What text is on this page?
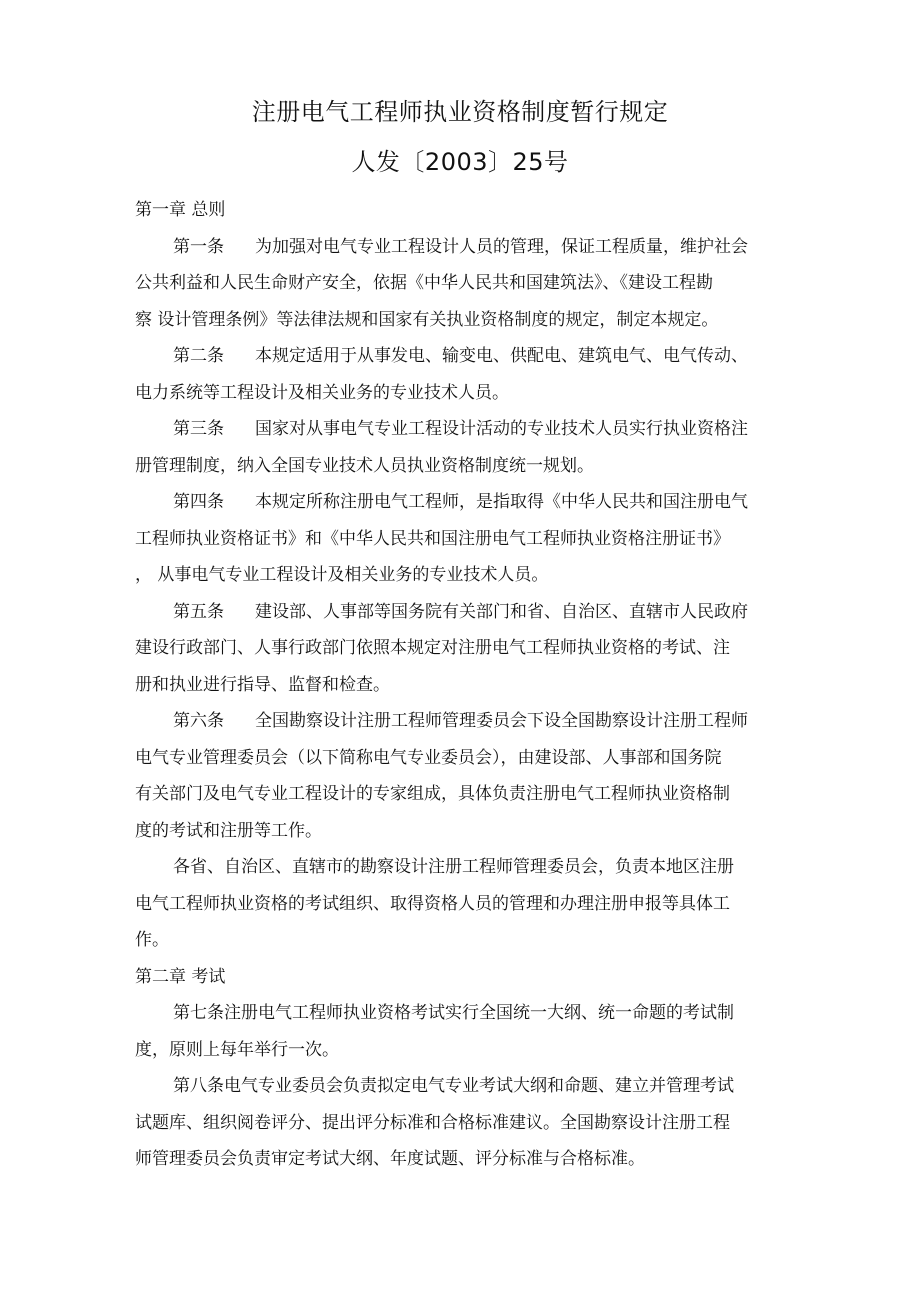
注册电气工程师执业资格制度暂行规定
人发〔2003〕25号
第一章 总则
第一条 为加强对电气专业工程设计人员的管理，保证工程质量，维护社会
公共利益和人民生命财产安全，依据《中华人民共和国建筑法》、《建设工程勘
察 设计管理条例》等法律法规和国家有关执业资格制度的规定，制定本规定。
第二条 本规定适用于从事发电、输变电、供配电、建筑电气、电气传动、
电力系统等工程设计及相关业务的专业技术人员。
第三条 国家对从事电气专业工程设计活动的专业技术人员实行执业资格注
册管理制度，纳入全国专业技术人员执业资格制度统一规划。
第四条 本规定所称注册电气工程师，是指取得《中华人民共和国注册电气
工程师执业资格证书》和《中华人民共和国注册电气工程师执业资格注册证书》
， 从事电气专业工程设计及相关业务的专业技术人员。
第五条 建设部、人事部等国务院有关部门和省、自治区、直辖市人民政府
建设行政部门、人事行政部门依照本规定对注册电气工程师执业资格的考试、注
册和执业进行指导、监督和检查。
第六条 全国勘察设计注册工程师管理委员会下设全国勘察设计注册工程师
电气专业管理委员会（以下简称电气专业委员会），由建设部、人事部和国务院
有关部门及电气专业工程设计的专家组成，具体负责注册电气工程师执业资格制
度的考试和注册等工作。
各省、自治区、直辖市的勘察设计注册工程师管理委员会，负责本地区注册
电气工程师执业资格的考试组织、取得资格人员的管理和办理注册申报等具体工
作。
第二章 考试
第七条注册电气工程师执业资格考试实行全国统一大纲、统一命题的考试制
度，原则上每年举行一次。
第八条电气专业委员会负责拟定电气专业考试大纲和命题、建立并管理考试
试题库、组织阅卷评分、提出评分标准和合格标准建议。全国勘察设计注册工程
师管理委员会负责审定考试大纲、年度试题、评分标准与合格标准。
